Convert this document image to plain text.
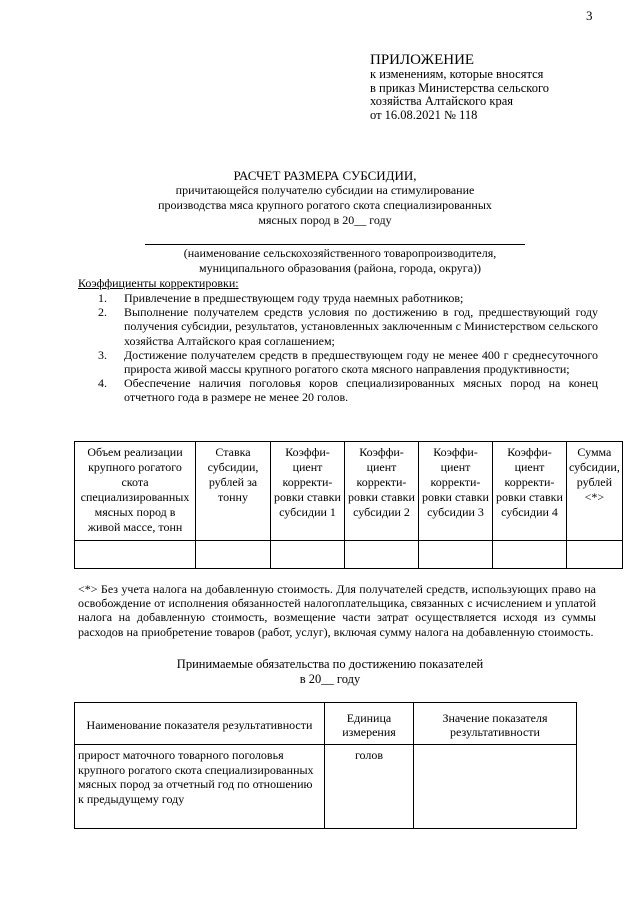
3
ПРИЛОЖЕНИЕ
к изменениям, которые вносятся
в приказ Министерства сельского
хозяйства Алтайского края
от 16.08.2021 № 118
РАСЧЕТ РАЗМЕРА СУБСИДИИ,
причитающейся получателю субсидии на стимулирование
производства мяса крупного рогатого скота специализированных
мясных пород в 20__ году
(наименование сельскохозяйственного товаропроизводителя,
муниципального образования (района, города, округа))
Коэффициенты корректировки:
1. Привлечение в предшествующем году труда наемных работников;
2. Выполнение получателем средств условия по достижению в год, предшествующий году получения субсидии, результатов, установленных заключенным с Министерством сельского хозяйства Алтайского края соглашением;
3. Достижение получателем средств в предшествующем году не менее 400 г среднесуточного прироста живой массы крупного рогатого скота мясного направления продуктивности;
4. Обеспечение наличия поголовья коров специализированных мясных пород на конец отчетного года в размере не менее 20 голов.
Объем реализации крупного рогатого скота специализированных мясных пород в живой массе, тонн	Ставка субсидии, рублей за тонну	Коэффи-циент корректи-ровки ставки субсидии 1	Коэффи-циент корректи-ровки ставки субсидии 2	Коэффи-циент корректи-ровки ставки субсидии 3	Коэффи-циент корректи-ровки ставки субсидии 4	Сумма субсидии, рублей <*>

<*> Без учета налога на добавленную стоимость. Для получателей средств, использующих право на освобождение от исполнения обязанностей налогоплательщика, связанных с исчислением и уплатой налога на добавленную стоимость, возмещение части затрат осуществляется исходя из суммы расходов на приобретение товаров (работ, услуг), включая сумму налога на добавленную стоимость.
Принимаемые обязательства по достижению показателей
в 20__ году
Наименование показателя результативности	Единица измерения	Значение показателя результативности
прирост маточного товарного поголовья крупного рогатого скота специализированных мясных пород за отчетный год по отношению к предыдущему году	голов	
